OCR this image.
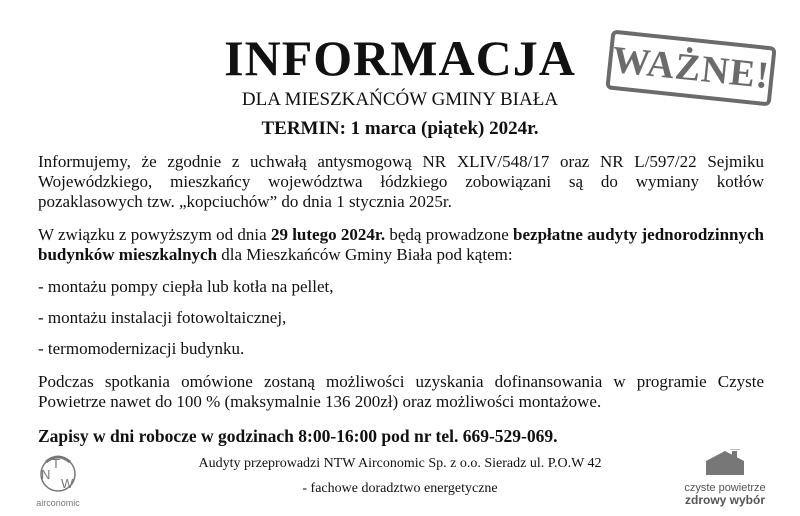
INFORMACJA
DLA MIESZKAŃCÓW GMINY BIAŁA
TERMIN: 1 marca (piątek) 2024r.
WAŻNE!
Informujemy, że zgodnie z uchwałą antysmogową NR XLIV/548/17 oraz NR L/597/22 Sejmiku Wojewódzkiego, mieszkańcy województwa łódzkiego zobowiązani są do wymiany kotłów pozaklasowych tzw. „kopciuchów” do dnia 1 stycznia 2025r.
W związku z powyższym od dnia 29 lutego 2024r. będą prowadzone bezpłatne audyty jednorodzinnych budynków mieszkalnych dla Mieszkańców Gminy Biała pod kątem:
- montażu pompy ciepła lub kotła na pellet,
- montażu instalacji fotowoltaicznej,
- termomodernizacji budynku.
Podczas spotkania omówione zostaną możliwości uzyskania dofinansowania w programie Czyste Powietrze nawet do 100 % (maksymalnie 136 200zł) oraz możliwości montażowe.
Zapisy w dni robocze w godzinach 8:00-16:00 pod nr tel. 669-529-069.
Audyty przeprowadzi NTW Airconomic Sp. z o.o. Sieradz ul. P.O.W 42
- fachowe doradztwo energetyczne
N
T
W
airconomic
czyste powietrze
zdrowy wybór
